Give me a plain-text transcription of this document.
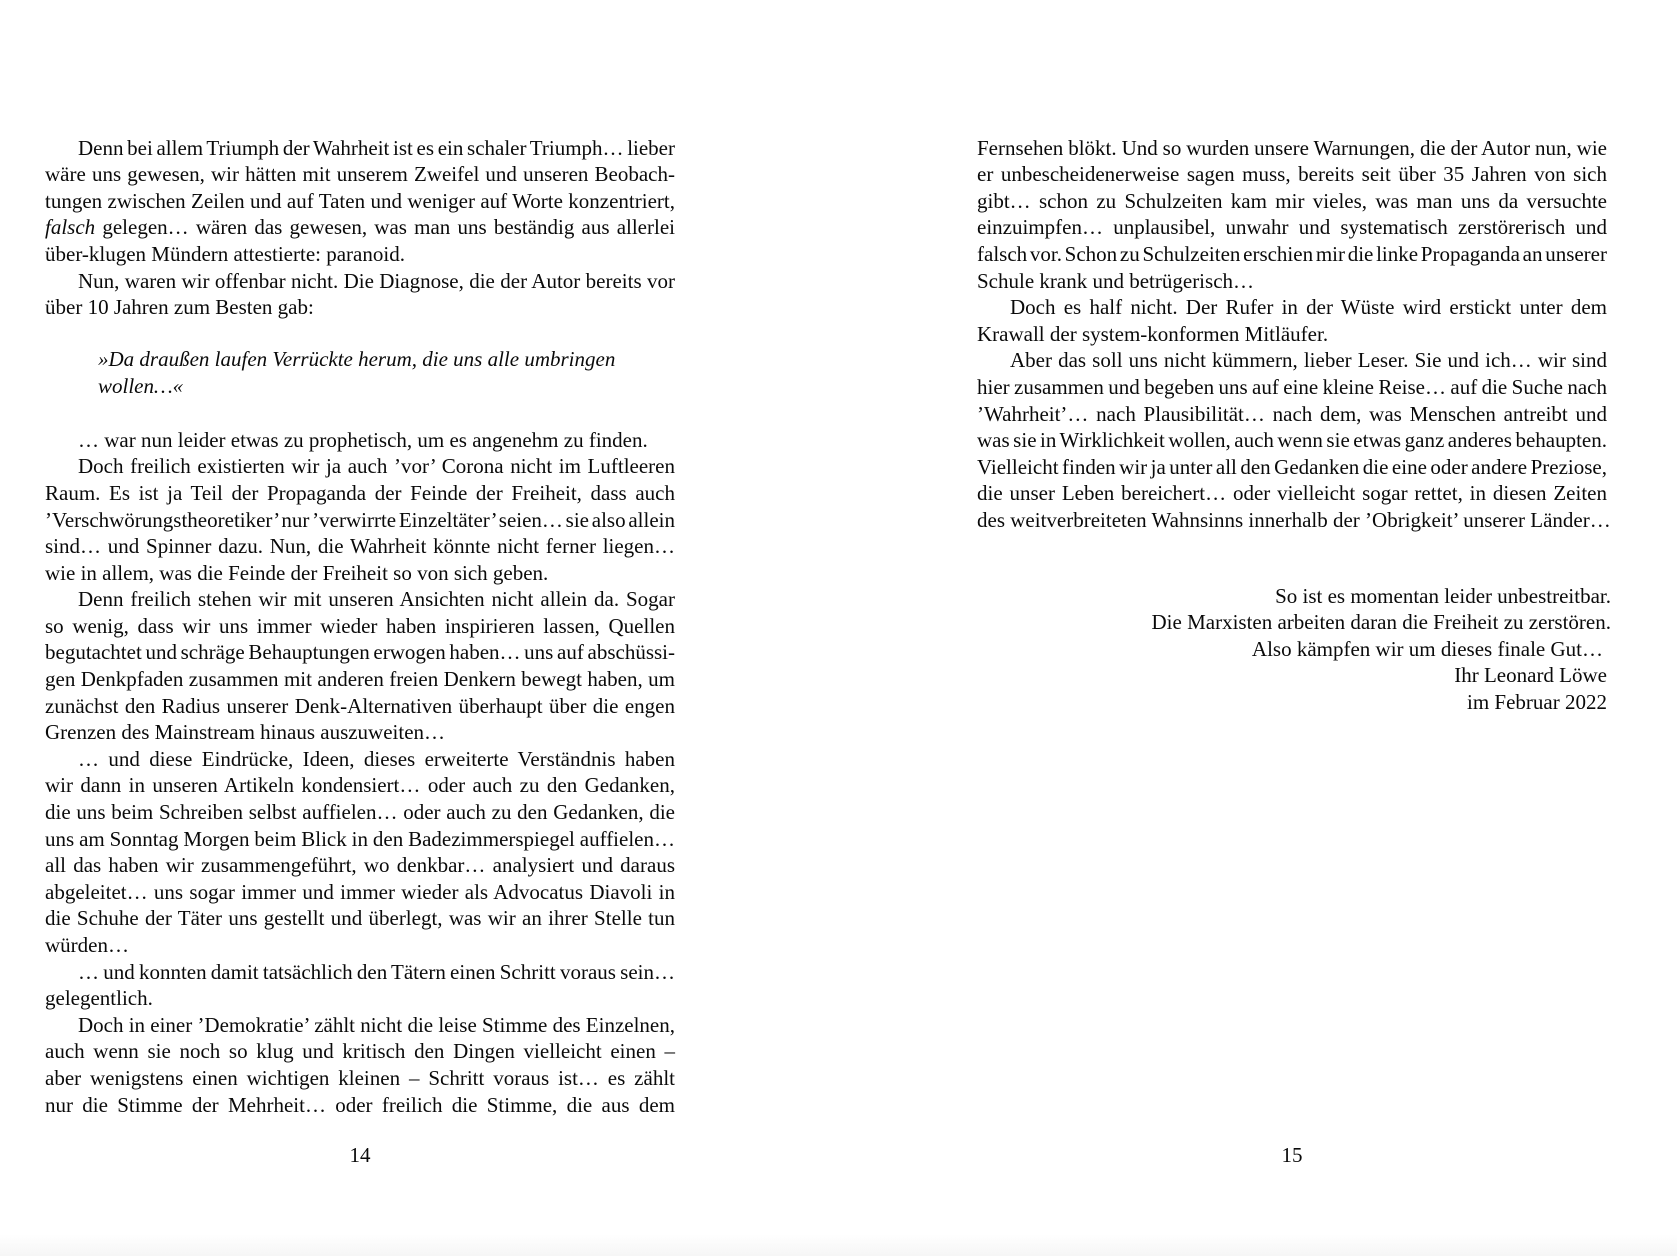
Denn bei allem Triumph der Wahrheit ist es ein schaler Triumph… lieber
wäre uns gewesen, wir hätten mit unserem Zweifel und unseren Beobach-
tungen zwischen Zeilen und auf Taten und weniger auf Worte konzentriert,
falsch gelegen… wären das gewesen, was man uns beständig aus allerlei
über-klugen Mündern attestierte: paranoid.
Nun, waren wir offenbar nicht. Die Diagnose, die der Autor bereits vor
über 10 Jahren zum Besten gab:
»Da draußen laufen Verrückte herum, die uns alle umbringen
wollen…«
… war nun leider etwas zu prophetisch, um es angenehm zu finden.
Doch freilich existierten wir ja auch ’vor’ Corona nicht im Luftleeren
Raum. Es ist ja Teil der Propaganda der Feinde der Freiheit, dass auch
’Verschwörungstheoretiker’ nur ’verwirrte Einzeltäter’ seien… sie also allein
sind… und Spinner dazu. Nun, die Wahrheit könnte nicht ferner liegen…
wie in allem, was die Feinde der Freiheit so von sich geben.
Denn freilich stehen wir mit unseren Ansichten nicht allein da. Sogar
so wenig, dass wir uns immer wieder haben inspirieren lassen, Quellen
begutachtet und schräge Behauptungen erwogen haben… uns auf abschüssi-
gen Denkpfaden zusammen mit anderen freien Denkern bewegt haben, um
zunächst den Radius unserer Denk-Alternativen überhaupt über die engen
Grenzen des Mainstream hinaus auszuweiten…
… und diese Eindrücke, Ideen, dieses erweiterte Verständnis haben
wir dann in unseren Artikeln kondensiert… oder auch zu den Gedanken,
die uns beim Schreiben selbst auffielen… oder auch zu den Gedanken, die
uns am Sonntag Morgen beim Blick in den Badezimmerspiegel auffielen…
all das haben wir zusammengeführt, wo denkbar… analysiert und daraus
abgeleitet… uns sogar immer und immer wieder als Advocatus Diavoli in
die Schuhe der Täter uns gestellt und überlegt, was wir an ihrer Stelle tun
würden…
… und konnten damit tatsächlich den Tätern einen Schritt voraus sein…
gelegentlich.
Doch in einer ’Demokratie’ zählt nicht die leise Stimme des Einzelnen,
auch wenn sie noch so klug und kritisch den Dingen vielleicht einen –
aber wenigstens einen wichtigen kleinen – Schritt voraus ist… es zählt
nur die Stimme der Mehrheit… oder freilich die Stimme, die aus dem
14
Fernsehen blökt. Und so wurden unsere Warnungen, die der Autor nun, wie
er unbescheidenerweise sagen muss, bereits seit über 35 Jahren von sich
gibt… schon zu Schulzeiten kam mir vieles, was man uns da versuchte
einzuimpfen… unplausibel, unwahr und systematisch zerstörerisch und
falsch vor. Schon zu Schulzeiten erschien mir die linke Propaganda an unserer
Schule krank und betrügerisch…
Doch es half nicht. Der Rufer in der Wüste wird erstickt unter dem
Krawall der system-konformen Mitläufer.
Aber das soll uns nicht kümmern, lieber Leser. Sie und ich… wir sind
hier zusammen und begeben uns auf eine kleine Reise… auf die Suche nach
’Wahrheit’… nach Plausibilität… nach dem, was Menschen antreibt und
was sie in Wirklichkeit wollen, auch wenn sie etwas ganz anderes behaupten.
Vielleicht finden wir ja unter all den Gedanken die eine oder andere Preziose,
die unser Leben bereichert… oder vielleicht sogar rettet, in diesen Zeiten
des weitverbreiteten Wahnsinns innerhalb der ’Obrigkeit’ unserer Länder…
So ist es momentan leider unbestreitbar.
Die Marxisten arbeiten daran die Freiheit zu zerstören.
Also kämpfen wir um dieses finale Gut…
Ihr Leonard Löwe
im Februar 2022
15
